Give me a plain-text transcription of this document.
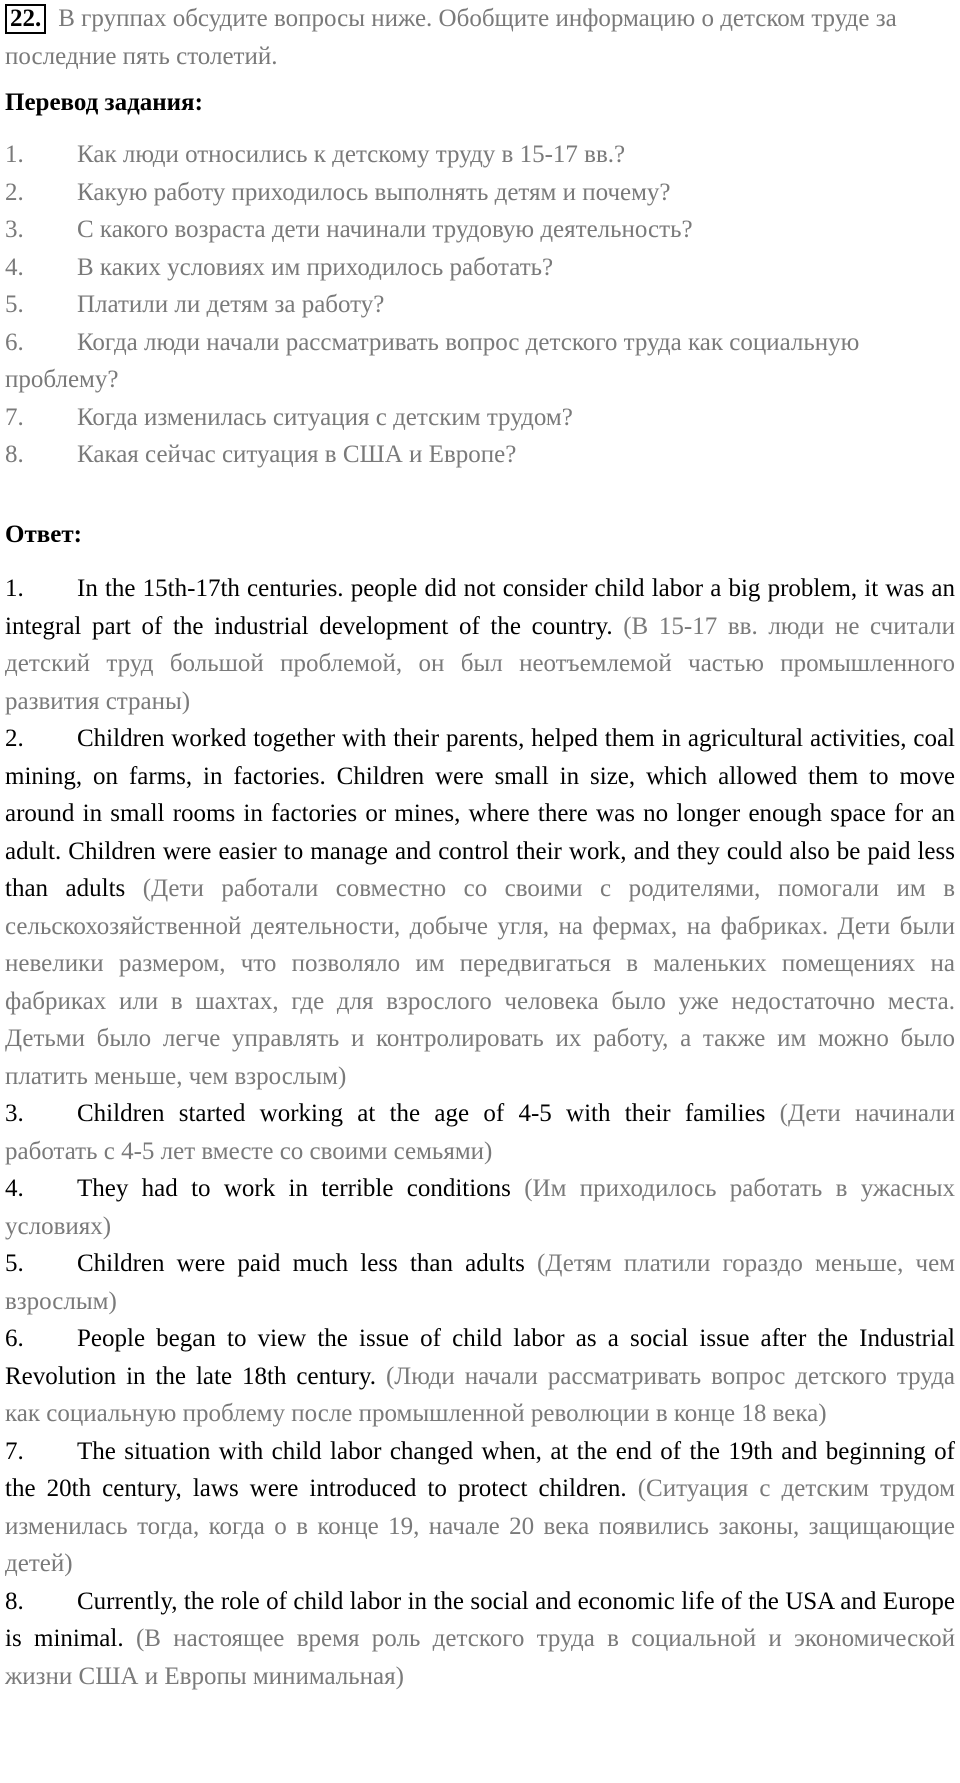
22. В группах обсудите вопросы ниже. Обобщите информацию о детском труде за последние пять столетий.
Перевод задания:
1. Как люди относились к детскому труду в 15-17 вв.?
2. Какую работу приходилось выполнять детям и почему?
3. С какого возраста дети начинали трудовую деятельность?
4. В каких условиях им приходилось работать?
5. Платили ли детям за работу?
6. Когда люди начали рассматривать вопрос детского труда как социальную проблему?
7. Когда изменилась ситуация с детским трудом?
8. Какая сейчас ситуация в США и Европе?
Ответ:
1. In the 15th-17th centuries. people did not consider child labor a big problem, it was an integral part of the industrial development of the country. (В 15-17 вв. люди не считали детский труд большой проблемой, он был неотъемлемой частью промышленного развития страны)
2. Children worked together with their parents, helped them in agricultural activities, coal mining, on farms, in factories. Children were small in size, which allowed them to move around in small rooms in factories or mines, where there was no longer enough space for an adult. Children were easier to manage and control their work, and they could also be paid less than adults (Дети работали совместно со своими с родителями, помогали им в сельскохозяйственной деятельности, добыче угля, на фермах, на фабриках. Дети были невелики размером, что позволяло им передвигаться в маленьких помещениях на фабриках или в шахтах, где для взрослого человека было уже недостаточно места. Детьми было легче управлять и контролировать их работу, а также им можно было платить меньше, чем взрослым)
3. Children started working at the age of 4-5 with their families (Дети начинали работать с 4-5 лет вместе со своими семьями)
4. They had to work in terrible conditions (Им приходилось работать в ужасных условиях)
5. Children were paid much less than adults (Детям платили гораздо меньше, чем взрослым)
6. People began to view the issue of child labor as a social issue after the Industrial Revolution in the late 18th century. (Люди начали рассматривать вопрос детского труда как социальную проблему после промышленной революции в конце 18 века)
7. The situation with child labor changed when, at the end of the 19th and beginning of the 20th century, laws were introduced to protect children. (Ситуация с детским трудом изменилась тогда, когда о в конце 19, начале 20 века появились законы, защищающие детей)
8. Currently, the role of child labor in the social and economic life of the USA and Europe is minimal. (В настоящее время роль детского труда в социальной и экономической жизни США и Европы минимальная)
